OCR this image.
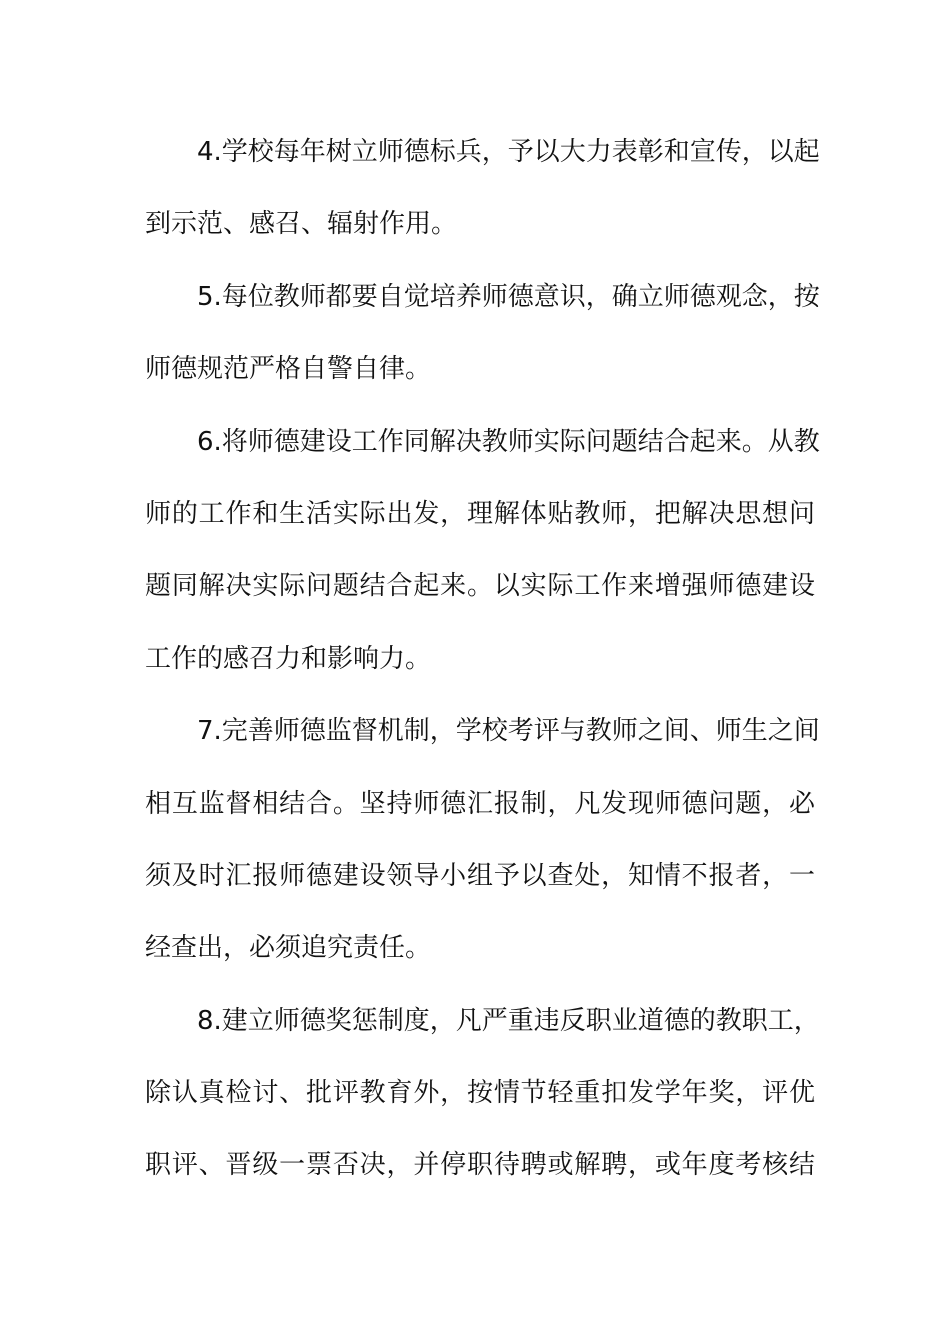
4.学校每年树立师德标兵，予以大力表彰和宣传，以起
到示范、感召、辐射作用。
5.每位教师都要自觉培养师德意识，确立师德观念，按
师德规范严格自警自律。
6.将师德建设工作同解决教师实际问题结合起来。从教
师的工作和生活实际出发，理解体贴教师，把解决思想问
题同解决实际问题结合起来。以实际工作来增强师德建设
工作的感召力和影响力。
7.完善师德监督机制，学校考评与教师之间、师生之间
相互监督相结合。坚持师德汇报制，凡发现师德问题，必
须及时汇报师德建设领导小组予以查处，知情不报者，一
经查出，必须追究责任。
8.建立师德奖惩制度，凡严重违反职业道德的教职工，
除认真检讨、批评教育外，按情节轻重扣发学年奖，评优
职评、晋级一票否决，并停职待聘或解聘，或年度考核结
